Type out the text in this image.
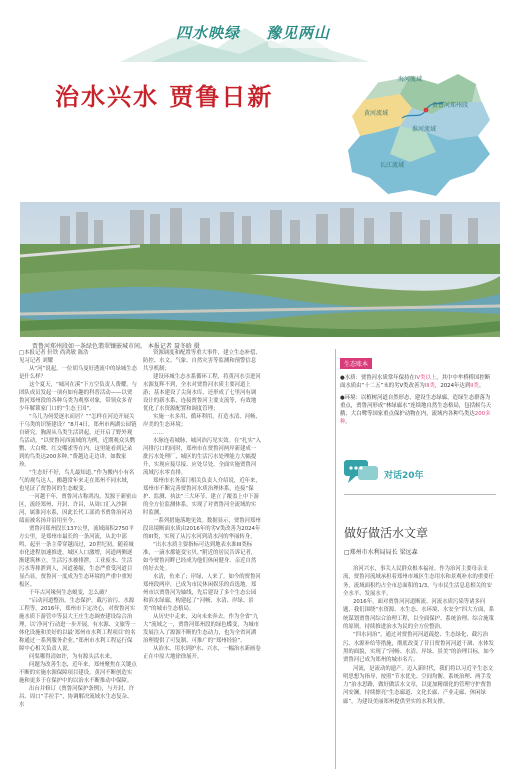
四水映绿 豫见两山
治水兴水 贾鲁日新
海河流域
黄河流域
贾鲁河郑州段
淮河流域
长江流域
贾鲁河郑州段如一条绿色翡翠镶嵌城市间。 本报记者 聂冬晗 摄

□本报记者 轩铁 尚鸿敏 陈浩

见习记者 刘耀

从“河”说起，一位胡乌曼好透流中的绿城生态是什么样？

这个夏天，“城河在溪”下方空负责人费耀，与团队成员发起一项有如有趣的科普活动——以贾鲁河郑州段的各种乌类为观察对象，带领众多青少年解锁家门口的“生态王国”。

“乌儿为何爱逐水而居？”“怎样在河边开展关于乌类的识鉴建设？”8月4日，郑州市两湖公园链自研究，胸渥从乌类生活讲起，还开启了野外观鸟活动，“以贾鲁河西流域的为例，近期观众头鹦鹦、大白鹭、红交嘴雀等在内，这里能看到记录到的鸟类达200多种。”费越边走边讲，如数家珍。

“生态好不好，鸟儿最知道。”作为搬内小有名气的观鸟达人，搬越常年来走在郑州不同水域，也见证了贾鲁河的生态蜕变。

一河越千年，贾鲁河古称鸿沟，发源于新密山区，流经郑州、开封、许昌，从周口汇入沙颍河，属淮河水系，因此长代工部尚书贾鲁治河功绩而被名扬并沿用至今。

贾鲁河郑州段长137公里，流域面积2750平方公里，是郑州市最长的一条河流，从北中部鸣、起至一条主带穿越而过，20世纪初，随着城市化进程加速推进，城区人口激增，河道两侧逐渐建筑林立，生活污水被排泄，工业废水、生活污水等排泄到人，河道萎缩，生态严重受河道目显凸显，贾鲁河一度成为生态环境的严重中重短板区。

千年古河缘何生态蜕变，怎么破？

“启动河道整治，生态保护，截污治污、水源工程等，2016年，郑州市下定决心，对贾鲁河实施水质下游管中等县大王庄生态调查建设综合治理，以‘净河’行动进一步开展，有水源、文旅等一体化设施和美好的以最‘郑州市水利工程项目’的名称通过一系列服务企业。”郑州市水利工程运行保障中心相关负责人说。

问渠哪得清如许，为有源头活水来。

问题为改善生态，近年来，郑州聚焦在关键点不断的实施水源保障项目建设，黄河不断创造实施和更多于在保护中的以治水不断推动中保障。

出台并修订《贾鲁河保护条例》，与开封、许昌、周口“手拉手”，协调解决流域水生态复杂、水

资源调度和配置等重大事件，建立生态补偿、防控、水文、气象、自然灾害等监测和预警信息共享机制；

建设环城生态水系循环工程，将黄河水引进河水源复辉不到，全水对贾鲁河水质主要河道上游；基本建设了尖岗水库，还形成了七里河有调设计的新水系，连接贾鲁河主要支流等，有效地优化了水资源配置和调度管理；

实施一水多用、循环利用，打造水清、河畅、岸美的生态环境；

……

水脉连着城脉，城河治污见实效。在“扎实”入河排污口的同时，郑州市在贾鲁河两岸新建成一批污水处理厂，城区的生活污水处理能力大幅提升，实现应接尽接、应处尽处，全面实施贾鲁河流域污水零直排。

郑州市水务部门相关负责人介绍说，近年来，郑州市不断完善贾鲁河水质治理体系，连接“保护、监测、执法”三大环节，建立了覆盖上中下游的全方位监测体系，实现了对贾鲁河全流域的实时监测。

一系列措施落地见效。数据显示，贾鲁河郑州段出境断面水质由2016年的劣V类改善为2024年的III类，实现了从污水河到清水河的华丽转身。

“出水水质主要指标可达到地表水准III类标准，一滴水都能变宝贝。”附近的居民告诉记者，如今贾鲁河畔已经成为他们休闲健身、亲近自然的好去处。

水清，鱼来了；岸绿，人来了。如今的贾鲁河郑州段两岸，已成为市民休闲娱乐的首选地。郑州市以贾鲁河为轴线，先后建设了多个生态公园和滨水绿廊，构建起了“河畅、水清、岸绿、景美”的城市生态格局。

从历史中走来，又向未来奔去。作为全省“九大”流域之一，贾鲁河郑州段的绿色蝶变，为城市发展注入了源源不断的生态动力，也为全省河湖治理提供了可复制、可推广的“郑州经验”。

从治水、用水到护水、兴水，一幅治水新画卷正在中原大地徐徐展开。

生态账本
●水质：贾鲁河水质常年保持在IV类以上，其中中牟桥桥国控断面水质由“十二五”末的劣V类改善为III类，2024年达到II类。
●环境：以植树河道自然形态，建设生态绿廊，造绿生态群落为重点，贾鲁河形成“林绿廊水”连续地自然生态格局，包括候鸟天鹅、大白鹭等国家重点保护动物在内，流域内各种鸟类达200多种。
对话20年
做好做活水文章
□郑州市水利局局长 梁远森

治河兴水，事关人民群众根本福祉。作为治河主要母亲支流，贾鲁河流域承担着郑州市城区生态用水和景观补水的重要任务，流域面积约占全市总面积的1/3，与市民生活息息相关的安全水平、发展水平。

2016年，面对贾鲁河河道断流、河流水质污染等诸多问题，我们围绕“水资源、水生态、水环境、水安全”四大方面，系统谋划贾鲁河综合治理工程，以全面保护、系统治理、综合施策的原则，持续推进治水为民的全方位整治。

“四水同治”，通过对贾鲁河河道疏挖、生态绿化、截污治污、水源补给等措施，彻底改变了昔日贾鲁河河道干涸、水体发黑的面貌，实现了“河畅、水清、岸绿、景美”的治理目标，如今贾鲁河已成为郑州的城市名片。

河流，是流动的遗产。迈入新时代，我们将以习近平生态文明思想为指导，按照“节水优先、空间均衡、系统治理、两手发力”治水思路，做好做活水文章，以更加精细化的管理守护贾鲁河安澜，持续擦亮“生态廊道、文化长廊、产业走廊、休闲绿廊”，为建设美丽郑州提供坚实的水利支撑。
